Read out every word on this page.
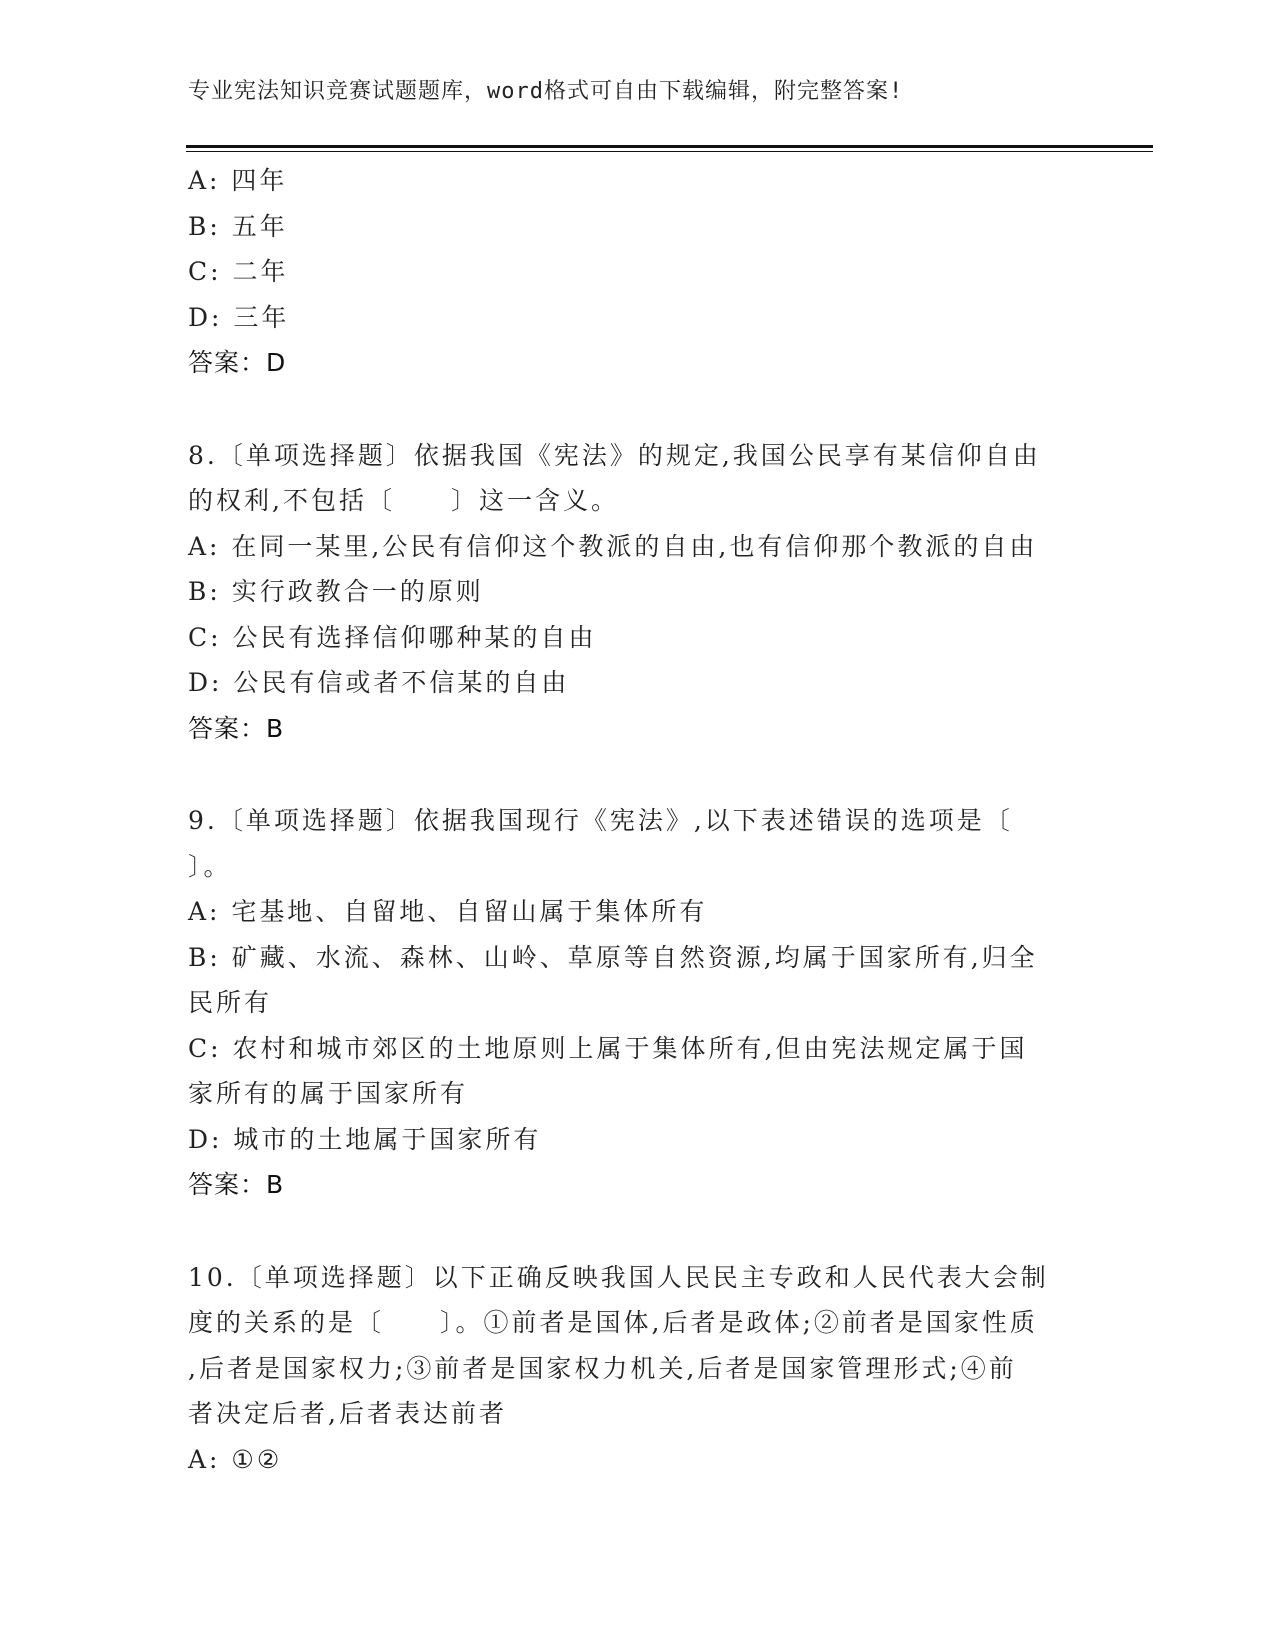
专业宪法知识竞赛试题题库，word格式可自由下载编辑，附完整答案!
A: 四年
B: 五年
C: 二年
D: 三年
答案：D
8.〔单项选择题〕依据我国《宪法》的规定,我国公民享有某信仰自由
的权利,不包括〔　　〕这一含义。
A: 在同一某里,公民有信仰这个教派的自由,也有信仰那个教派的自由
B: 实行政教合一的原则
C: 公民有选择信仰哪种某的自由
D: 公民有信或者不信某的自由
答案：B
9.〔单项选择题〕依据我国现行《宪法》,以下表述错误的选项是〔
〕。
A: 宅基地、自留地、自留山属于集体所有
B: 矿藏、水流、森林、山岭、草原等自然资源,均属于国家所有,归全
民所有
C: 农村和城市郊区的土地原则上属于集体所有,但由宪法规定属于国
家所有的属于国家所有
D: 城市的土地属于国家所有
答案：B
10.〔单项选择题〕以下正确反映我国人民民主专政和人民代表大会制
度的关系的是〔　　〕。①前者是国体,后者是政体;②前者是国家性质
,后者是国家权力;③前者是国家权力机关,后者是国家管理形式;④前
者决定后者,后者表达前者
A: ①②
